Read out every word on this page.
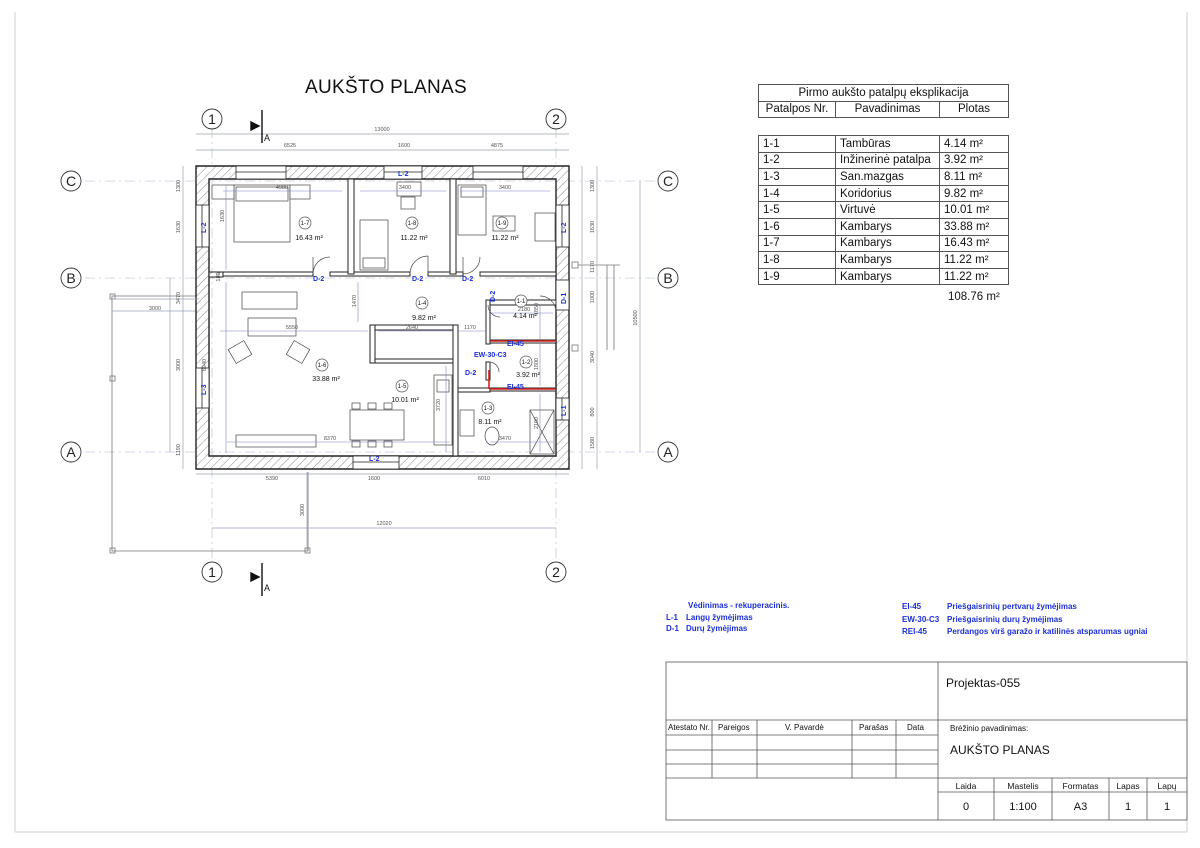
1	2
1	2
C
B
A
C
B
A
A
A
13000
6525	1600	4875
5390	1600	6010
12020
3000
3000
1300
1630
3470
180
3000
1190
6940
1300
1630
1170
1000
10500
3040
800
1580
4980	3400	3400
5550	2640	1170
2180 1850
1800
3720
3470
2100
8370
1470
1630
1-7	1-8	1-9
1-4	1-1
1-6
1-5
1-2
1-3
16.43 m²	11.22 m²	11.22 m²
9.82 m²	4.14 m²
33.88 m²
10.01 m²
3.92 m²
8.11 m²
L-2
L-2
L-2	L-2
L-3
L-1
D-1
D-2	D-2	D-2
D-2
D-2
EI-45
EI-45
EW-30-C3
AUKŠTO PLANAS	Pirmo aukšto patalpų eksplikacija
Patalpos Nr.	Pavadinimas	Plotas
1-1	Tambūras	4.14 m²
1-2	Inžinerinė patalpa	3.92 m²
1-3	San.mazgas	8.11 m²
1-4	Koridorius	9.82 m²
1-5	Virtuvė	10.01 m²
1-6	Kambarys	33.88 m²
1-7	Kambarys	16.43 m²
1-8	Kambarys	11.22 m²
1-9	Kambarys	11.22 m²
108.76 m²
Vėdinimas - rekuperacinis.
L-1 Langų žymėjimas
D-1 Durų žymėjimas
EI-45	Priešgaisrinių pertvarų žymėjimas
EW-30-C3 Priešgaisrinių durų žymėjimas
REI-45	Perdangos virš garažo ir katilinės atsparumas ugniai
Projektas-055
Atestato Nr. Pareigos	V. Pavardė	Parašas Data	Brėžinio pavadinimas:
AUKŠTO PLANAS
Laida	Mastelis	Formatas	Lapas	Lapų
0	1:100	A3	1	1
